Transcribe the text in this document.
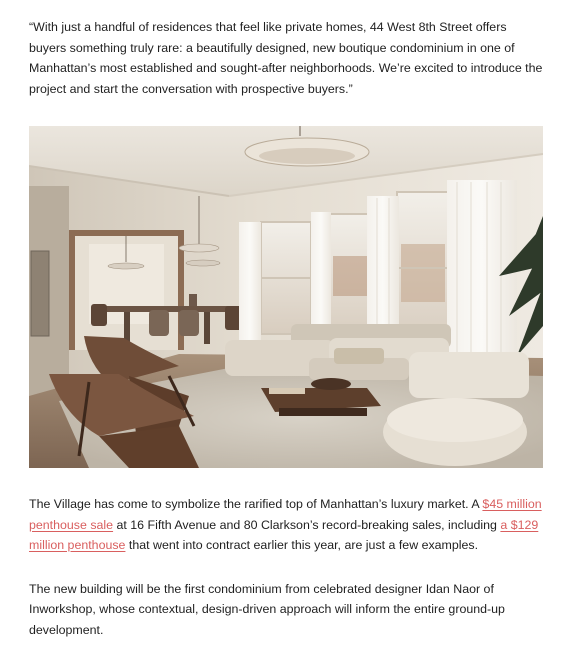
“With just a handful of residences that feel like private homes, 44 West 8th Street offers buyers something truly rare: a beautifully designed, new boutique condominium in one of Manhattan’s most established and sought-after neighborhoods. We’re excited to introduce the project and start the conversation with prospective buyers.”

The Village has come to symbolize the rarified top of Manhattan’s luxury market. A $45 million penthouse sale at 16 Fifth Avenue and 80 Clarkson’s record-breaking sales, including a $129 million penthouse that went into contract earlier this year, are just a few examples.

The new building will be the first condominium from celebrated designer Idan Naor of Inworkshop, whose contextual, design-driven approach will inform the entire ground-up development.
